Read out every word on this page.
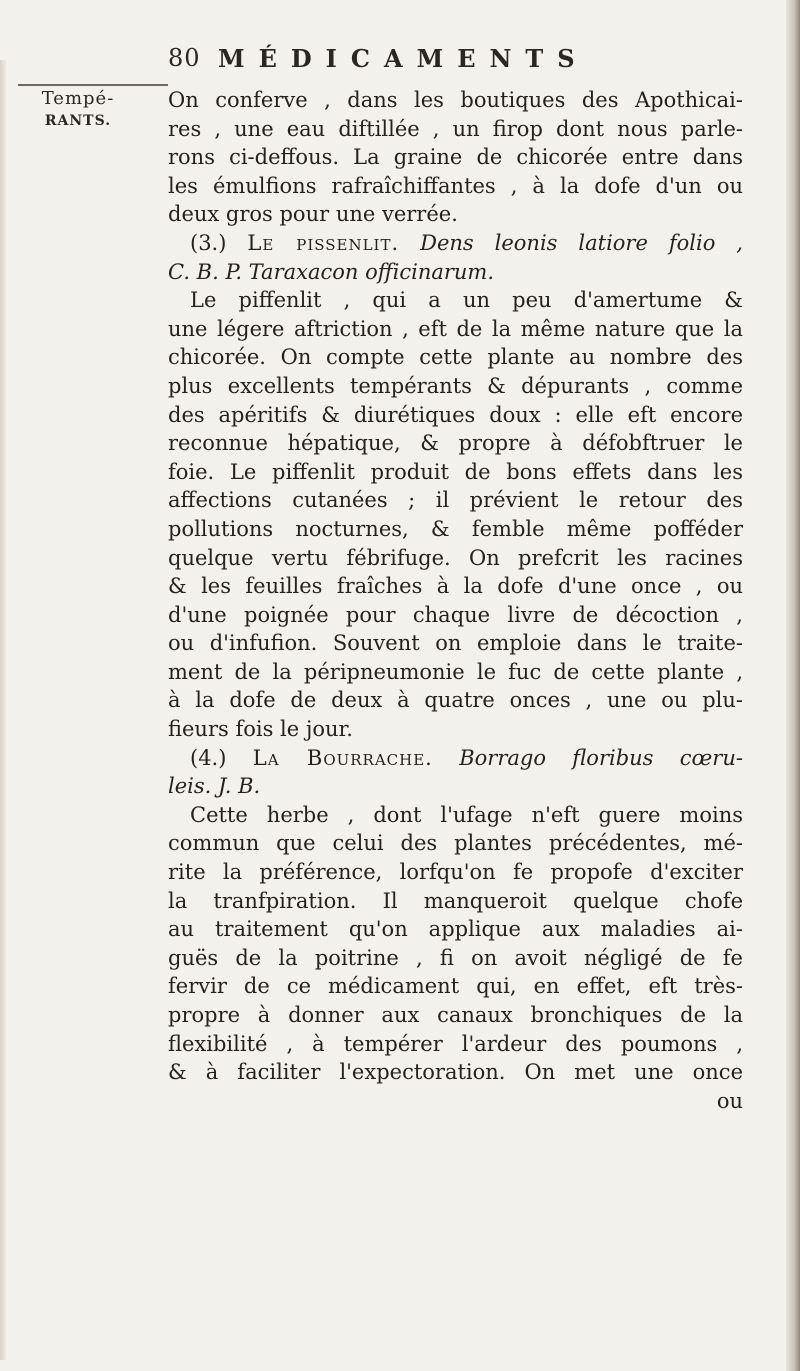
80 MÉDICAMENTS
Tempé-
RANTS.
On conferve , dans les boutiques des Apothicai-
res , une eau diftillée , un firop dont nous parle-
rons ci-deffous. La graine de chicorée entre dans
les émulfions rafraîchiffantes , à la dofe d'un ou
deux gros pour une verrée.
(3.) Le pissenlit. Dens leonis latiore folio ,
C. B. P. Taraxacon officinarum.
Le piffenlit , qui a un peu d'amertume &
une légere aftriction , eft de la même nature que la
chicorée. On compte cette plante au nombre des
plus excellents tempérants & dépurants , comme
des apéritifs & diurétiques doux : elle eft encore
reconnue hépatique, & propre à défobftruer le
foie. Le piffenlit produit de bons effets dans les
affections cutanées ; il prévient le retour des
pollutions nocturnes, & femble même pofféder
quelque vertu fébrifuge. On prefcrit les racines
& les feuilles fraîches à la dofe d'une once , ou
d'une poignée pour chaque livre de décoction ,
ou d'infufion. Souvent on emploie dans le traite-
ment de la péripneumonie le fuc de cette plante ,
à la dofe de deux à quatre onces , une ou plu-
fieurs fois le jour.
(4.) La Bourrache. Borrago floribus cœru-
leis. J. B.
Cette herbe , dont l'ufage n'eft guere moins
commun que celui des plantes précédentes, mé-
rite la préférence, lorfqu'on fe propofe d'exciter
la tranfpiration. Il manqueroit quelque chofe
au traitement qu'on applique aux maladies ai-
guës de la poitrine , fi on avoit négligé de fe
fervir de ce médicament qui, en effet, eft très-
propre à donner aux canaux bronchiques de la
flexibilité , à tempérer l'ardeur des poumons ,
& à faciliter l'expectoration. On met une once
ou
